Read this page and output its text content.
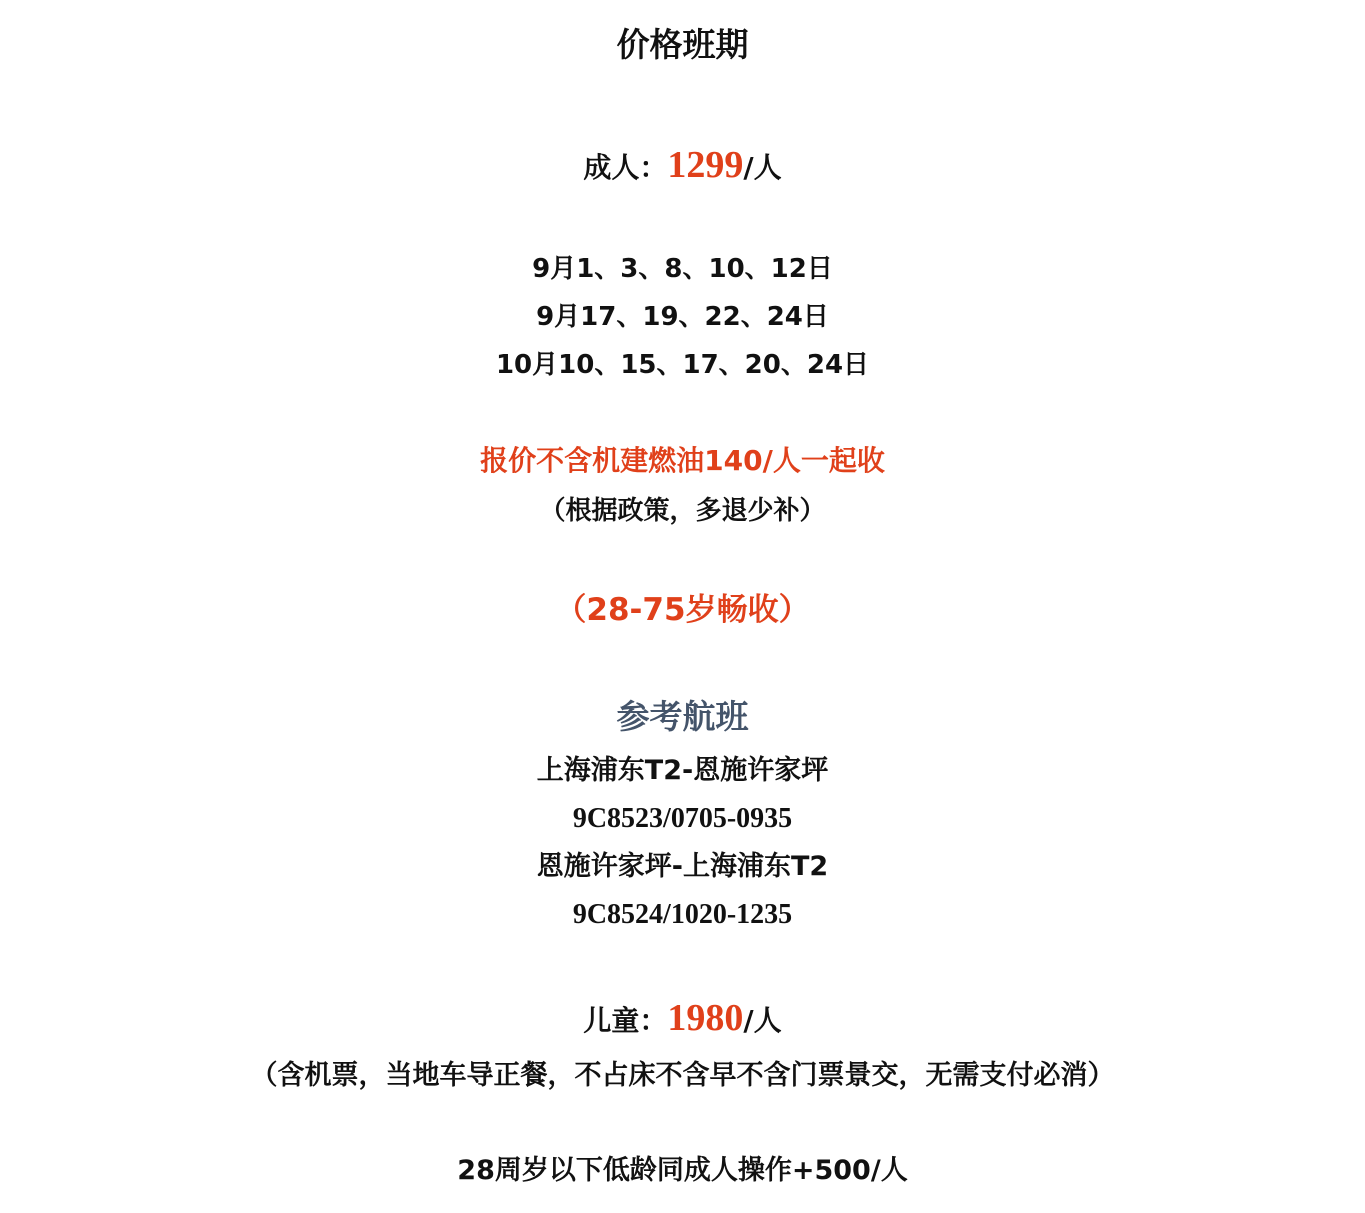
价格班期
成人：1299/人
9月1、3、8、10、12日
9月17、19、22、24日
10月10、15、17、20、24日
报价不含机建燃油140/人一起收
（根据政策，多退少补）
（28-75岁畅收）
参考航班
上海浦东T2-恩施许家坪
9C8523/0705-0935
恩施许家坪-上海浦东T2
9C8524/1020-1235
儿童：1980/人
（含机票，当地车导正餐，不占床不含早不含门票景交，无需支付必消）
28周岁以下低龄同成人操作+500/人
